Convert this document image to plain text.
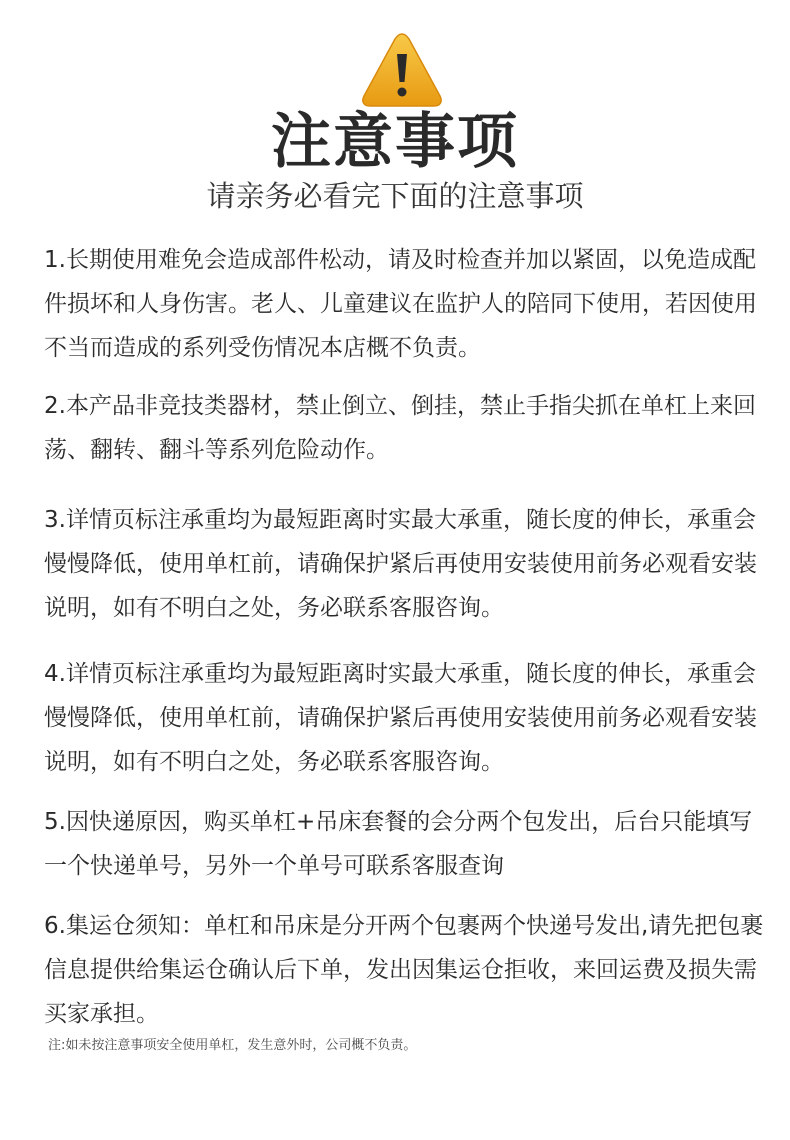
注意事项
请亲务必看完下面的注意事项

1.长期使用难免会造成部件松动，请及时检查并加以紧固，以免造成配件损坏和人身伤害。老人、儿童建议在监护人的陪同下使用，若因使用不当而造成的系列受伤情况本店概不负责。

2.本产品非竞技类器材，禁止倒立、倒挂，禁止手指尖抓在单杠上来回荡、翻转、翻斗等系列危险动作。

3.详情页标注承重均为最短距离时实最大承重，随长度的伸长，承重会慢慢降低，使用单杠前，请确保护紧后再使用安装使用前务必观看安装说明，如有不明白之处，务必联系客服咨询。

4.详情页标注承重均为最短距离时实最大承重，随长度的伸长，承重会慢慢降低，使用单杠前，请确保护紧后再使用安装使用前务必观看安装说明，如有不明白之处，务必联系客服咨询。

5.因快递原因，购买单杠+吊床套餐的会分两个包发出，后台只能填写一个快递单号，另外一个单号可联系客服查询

6.集运仓须知：单杠和吊床是分开两个包裹两个快递号发出,请先把包裹信息提供给集运仓确认后下单，发出因集运仓拒收，来回运费及损失需买家承担。

注:如未按注意事项安全使用单杠，发生意外时，公司概不负责。
